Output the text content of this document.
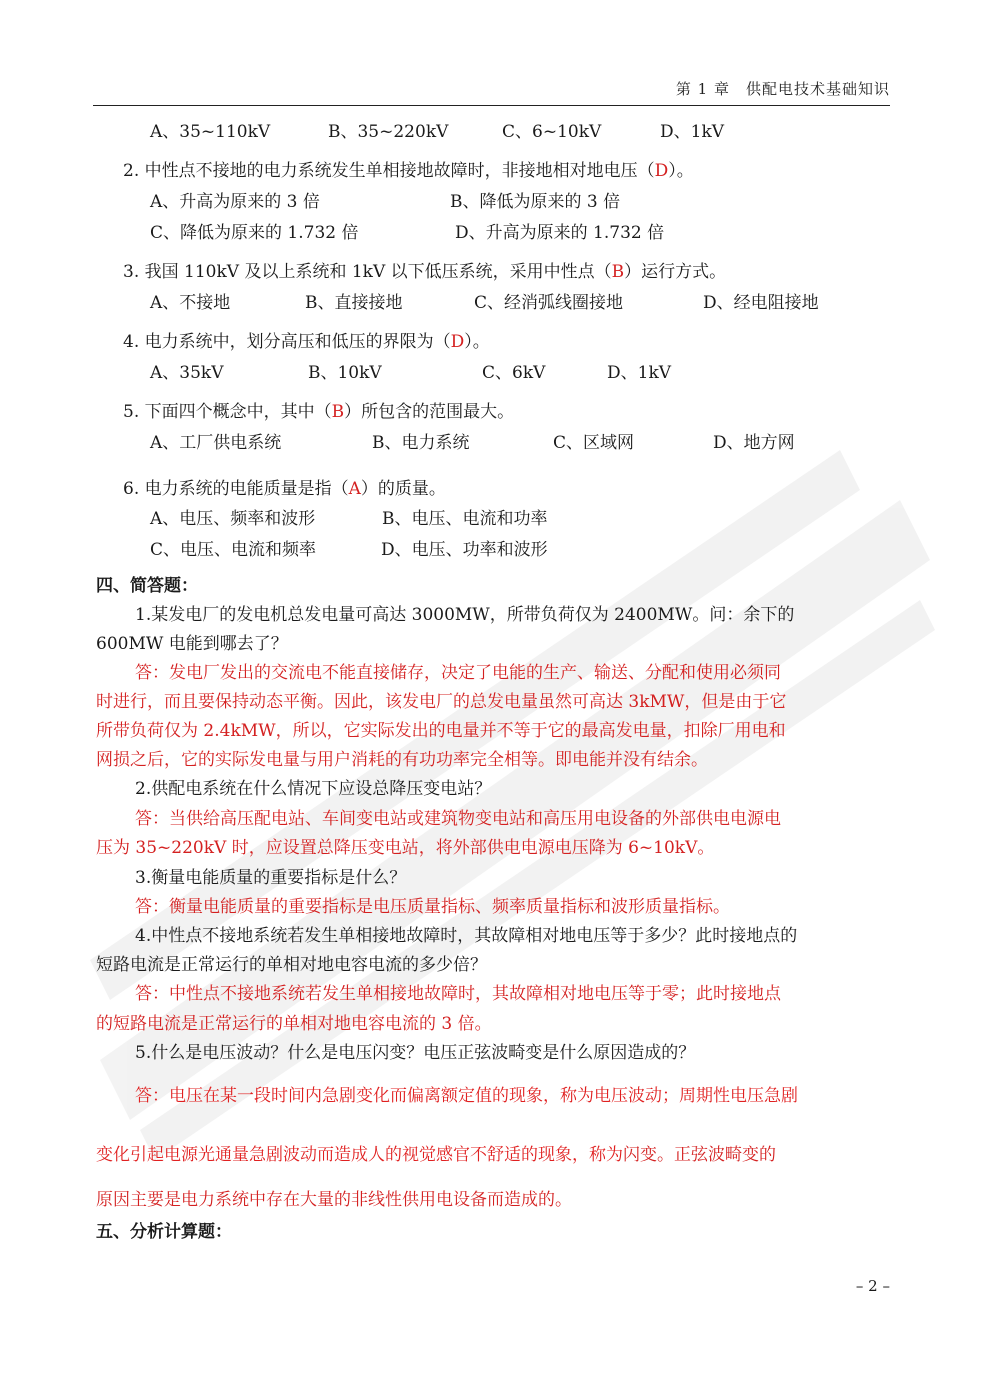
第 1 章　供配电技术基础知识
A、35~110kV	B、35~220kV	C、6~10kV	D、1kV
2. 中性点不接地的电力系统发生单相接地故障时，非接地相对地电压（D）。
A、升高为原来的 3 倍	B、降低为原来的 3 倍
C、降低为原来的 1.732 倍	D、升高为原来的 1.732 倍
3. 我国 110kV 及以上系统和 1kV 以下低压系统，采用中性点（B）运行方式。
A、不接地	B、直接接地	C、经消弧线圈接地	D、经电阻接地
4. 电力系统中，划分高压和低压的界限为（D）。
A、35kV	B、10kV	C、6kV	D、1kV
5. 下面四个概念中，其中（B）所包含的范围最大。
A、工厂供电系统	B、电力系统	C、区域网	D、地方网
6. 电力系统的电能质量是指（A）的质量。
A、电压、频率和波形	B、电压、电流和功率
C、电压、电流和频率	D、电压、功率和波形
四、简答题：
1.某发电厂的发电机总发电量可高达 3000MW，所带负荷仅为 2400MW。问：余下的
600MW 电能到哪去了？
答：发电厂发出的交流电不能直接储存，决定了电能的生产、输送、分配和使用必须同
时进行，而且要保持动态平衡。因此，该发电厂的总发电量虽然可高达 3kMW，但是由于它
所带负荷仅为 2.4kMW，所以，它实际发出的电量并不等于它的最高发电量，扣除厂用电和
网损之后，它的实际发电量与用户消耗的有功功率完全相等。即电能并没有结余。
2.供配电系统在什么情况下应设总降压变电站？
答：当供给高压配电站、车间变电站或建筑物变电站和高压用电设备的外部供电电源电
压为 35~220kV 时，应设置总降压变电站，将外部供电电源电压降为 6~10kV。
3.衡量电能质量的重要指标是什么？
答：衡量电能质量的重要指标是电压质量指标、频率质量指标和波形质量指标。
4.中性点不接地系统若发生单相接地故障时，其故障相对地电压等于多少？此时接地点的
短路电流是正常运行的单相对地电容电流的多少倍？
答：中性点不接地系统若发生单相接地故障时，其故障相对地电压等于零；此时接地点
的短路电流是正常运行的单相对地电容电流的 3 倍。
5.什么是电压波动？什么是电压闪变？电压正弦波畸变是什么原因造成的？
答：电压在某一段时间内急剧变化而偏离额定值的现象，称为电压波动；周期性电压急剧
变化引起电源光通量急剧波动而造成人的视觉感官不舒适的现象，称为闪变。正弦波畸变的
原因主要是电力系统中存在大量的非线性供用电设备而造成的。
五、分析计算题：
– 2 –
